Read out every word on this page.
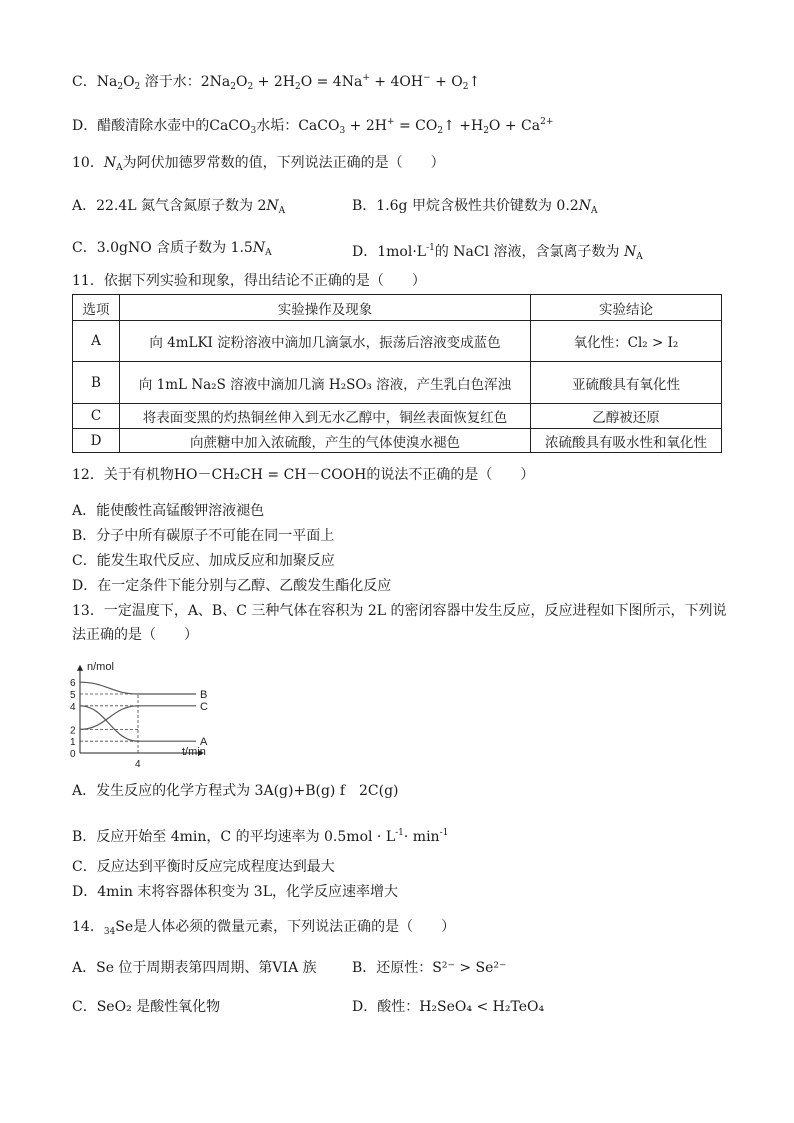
C．$Na_2O_2$ 溶于水：$2Na_2O_2 + 2H_2O = 4Na^+ + 4OH^-$ + $O_2↑$
D．醋酸清除水壶中的CaCO$_3$水垢：CaCO$_3$ + $2H^+ = CO_2↑ +H_2O + Ca^{2+}$
10．$N_A$为阿伏加德罗常数的值，下列说法正确的是（　　）
A．22.4L 氮气含氮原子数为 $2N_A$	B．1.6g 甲烷含极性共价键数为 $0.2N_A$
C．3.0gNO 含质子数为 $1.5N_A$	D．$1mol\cdot L^{-1}$的 NaCl 溶液，含氯离子数为 $N_A$
11．依据下列实验和现象，得出结论不正确的是（　　）
选项	实验操作及现象	实验结论
A	向 4mLKI 淀粉溶液中滴加几滴氯水，振荡后溶液变成蓝色	氧化性：Cl₂ > I₂
B	向 1mL Na₂S 溶液中滴加几滴 H₂SO₃ 溶液，产生乳白色浑浊	亚硫酸具有氧化性
C	将表面变黑的灼热铜丝伸入到无水乙醇中，铜丝表面恢复红色	乙醇被还原
D	向蔗糖中加入浓硫酸，产生的气体使溴水褪色	浓硫酸具有吸水性和氧化性
12．关于有机物HO－CH₂CH = CH－COOH的说法不正确的是（　　）
A．能使酸性高锰酸钾溶液褪色
B．分子中所有碳原子不可能在同一平面上
C．能发生取代反应、加成反应和加聚反应
D．在一定条件下能分别与乙醇、乙酸发生酯化反应
13．一定温度下，A、B、C 三种气体在容积为 2L 的密闭容器中发生反应，反应进程如下图所示，下列说
法正确的是（　　）
n/mol
t/min
0
1
2
4
5
6
4
A
B
C
A．发生反应的化学方程式为 3A(g)+B(g) f　2C(g)
B．反应开始至 4min，C 的平均速率为 $0.5mol \cdot L^{-1}\cdot \min^{-1}$
C．反应达到平衡时反应完成程度达到最大
D．4min 末将容器体积变为 3L，化学反应速率增大
14．$_{34}$Se是人体必须的微量元素，下列说法正确的是（　　）
A．Se 位于周期表第四周期、第VIA 族	B．还原性：S²⁻ > Se²⁻
C．SeO₂ 是酸性氧化物	D．酸性：H₂SeO₄ < H₂TeO₄
